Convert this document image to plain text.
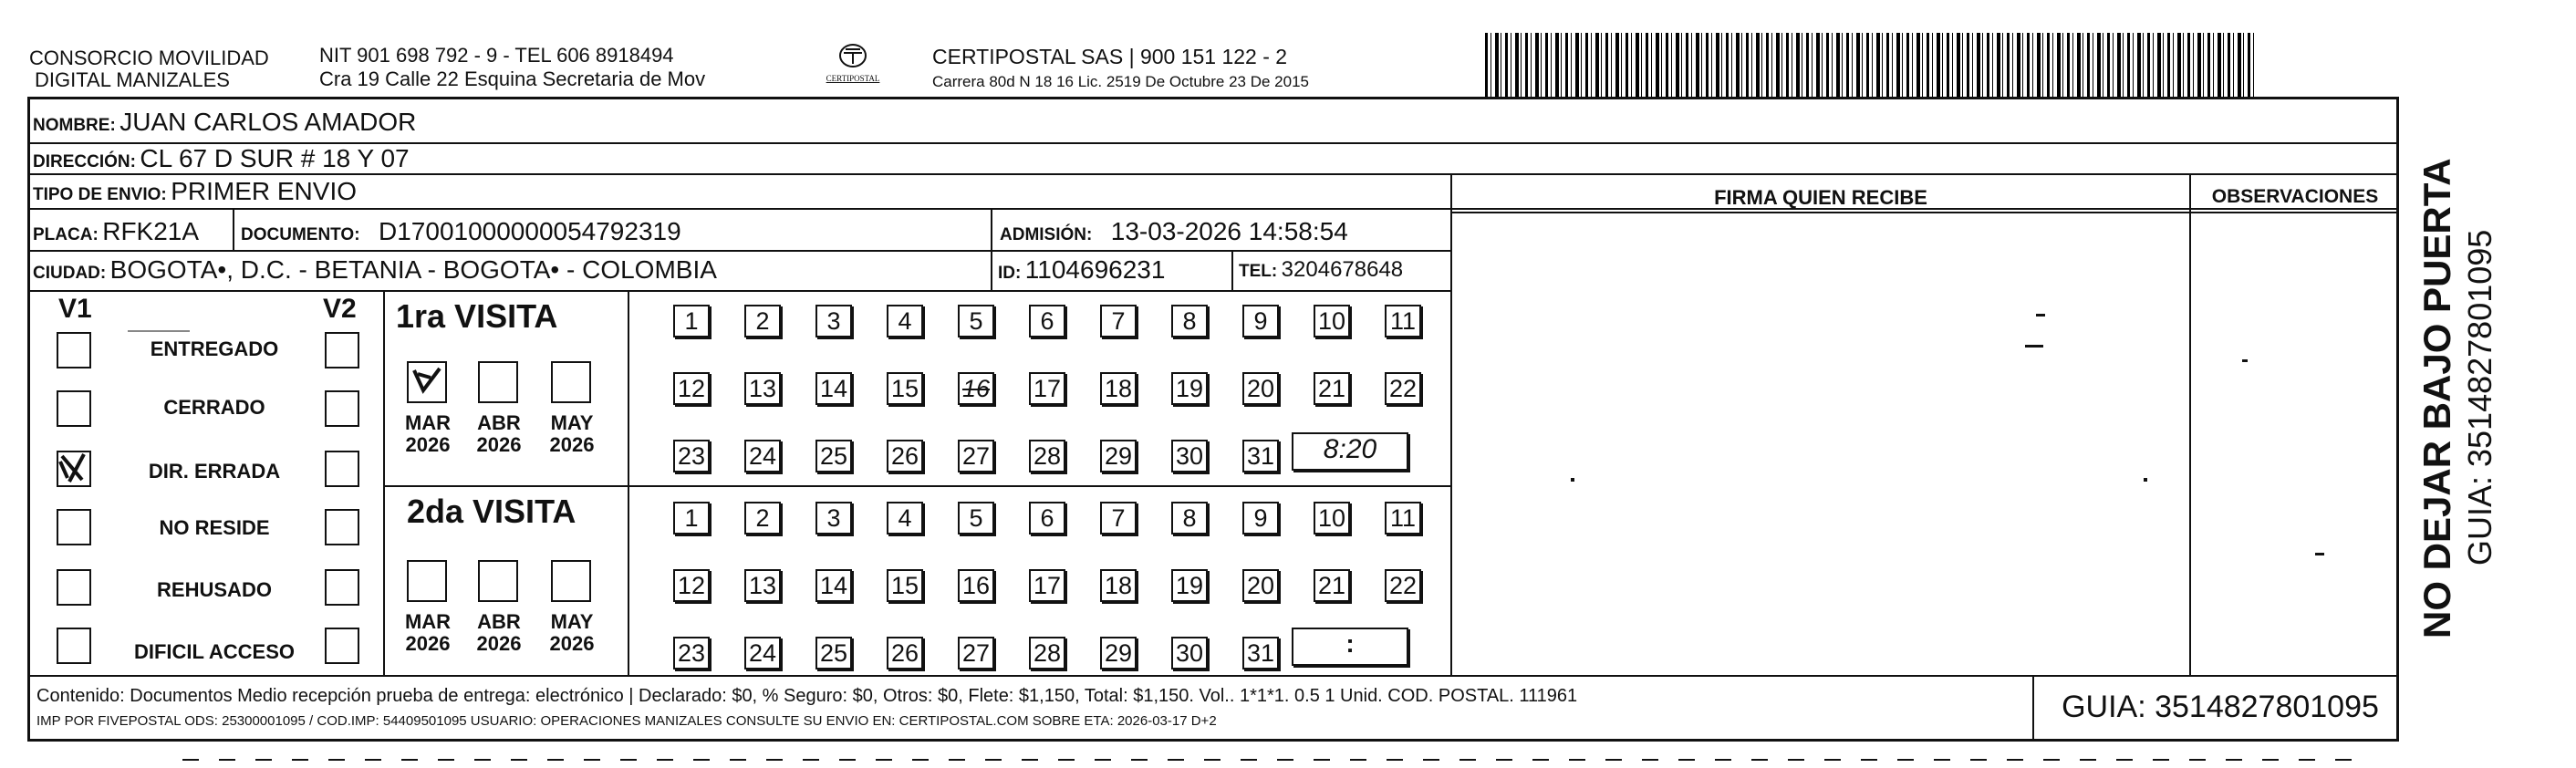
CONSORCIO MOVILIDAD
DIGITAL MANIZALES
NIT 901 698 792 - 9 - TEL 606 8918494
Cra 19 Calle 22 Esquina Secretaria de Mov	CERTIPOSTAL
CERTIPOSTAL SAS | 900 151 122 - 2
Carrera 80d N 18 16 Lic. 2519 De Octubre 23 De 2015
NOMBRE: JUAN CARLOS AMADOR
DIRECCIÓN: CL 67 D SUR # 18 Y 07
TIPO DE ENVIO: PRIMER ENVIO
PLACA: RFK21A DOCUMENTO: D17001000000054792319	ADMISIÓN: 13-03-2026 14:58:54
CIUDAD: BOGOTA•, D.C. - BETANIA - BOGOTA• - COLOMBIA	ID: 1104696231	TEL: 3204678648
FIRMA QUIEN RECIBE	OBSERVACIONES
V1	V2
ENTREGADO
CERRADO
DIR. ERRADA
NO RESIDE
REHUSADO
DIFICIL ACCESO
1ra VISITA
MAR
2026
ABR
2026
MAY
2026
1	2	3	4	5	6	7	8	9	10 11
12 13 14 15 16 17 18 19 20 21 22
23 24 25 26 27 28 29 30 31	8:20
2da VISITA
MAR
2026
ABR
2026
MAY
2026
1	2	3	4	5	6	7	8	9	10 11
12 13 14 15 16 17 18 19 20 21 22
23 24 25 26 27 28 29 30 31	:
Contenido: Documentos Medio recepción prueba de entrega: electrónico | Declarado: $0, % Seguro: $0, Otros: $0, Flete: $1,150, Total: $1,150. Vol.. 1*1*1. 0.5 1 Unid. COD. POSTAL. 111961
IMP POR FIVEPOSTAL ODS: 25300001095 / COD.IMP: 54409501095 USUARIO: OPERACIONES MANIZALES CONSULTE SU ENVIO EN: CERTIPOSTAL.COM SOBRE ETA: 2026-03-17 D+2	GUIA: 3514827801095
NO DEJAR BAJO PUERTA GUIA: 3514827801095
